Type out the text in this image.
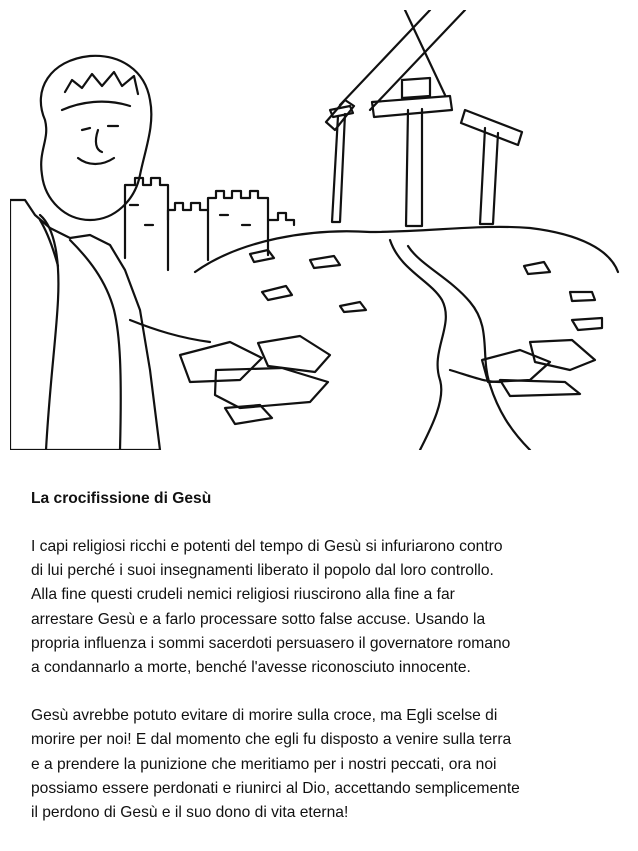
La crocifissione di Gesù
I capi religiosi ricchi e potenti del tempo di Gesù si infuriarono contro
di lui perché i suoi insegnamenti liberato il popolo dal loro controllo.
Alla fine questi crudeli nemici religiosi riuscirono alla fine a far
arrestare Gesù e a farlo processare sotto false accuse. Usando la
propria influenza i sommi sacerdoti persuasero il governatore romano
a condannarlo a morte, benché l'avesse riconosciuto innocente.
Gesù avrebbe potuto evitare di morire sulla croce, ma Egli scelse di
morire per noi! E dal momento che egli fu disposto a venire sulla terra
e a prendere la punizione che meritiamo per i nostri peccati, ora noi
possiamo essere perdonati e riunirci al Dio, accettando semplicemente
il perdono di Gesù e il suo dono di vita eterna!
